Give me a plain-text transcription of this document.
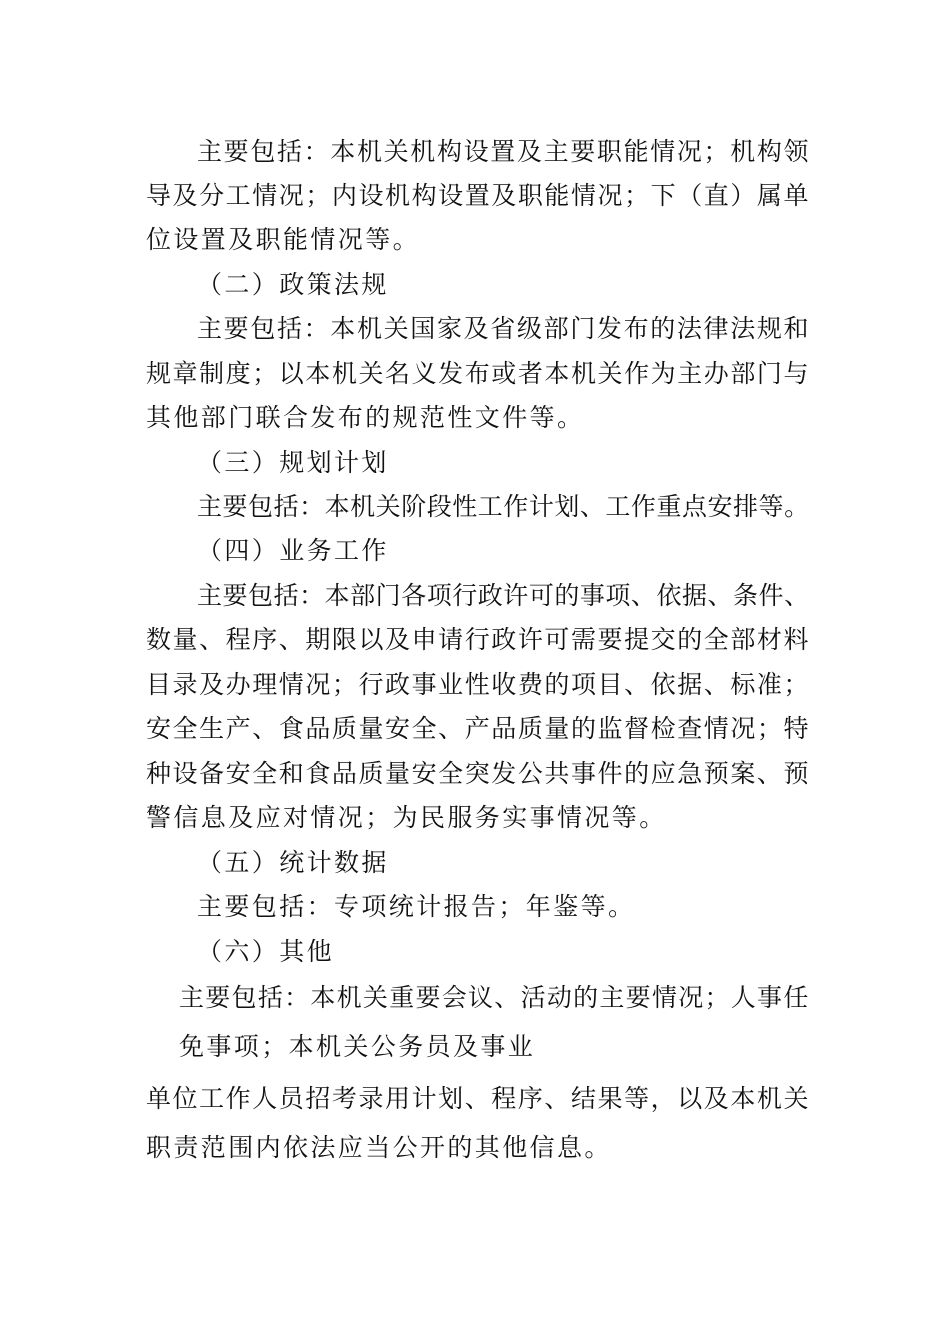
主要包括：本机关机构设置及主要职能情况；机构领
导及分工情况；内设机构设置及职能情况；下（直）属单
位设置及职能情况等。
（二）政策法规
主要包括：本机关国家及省级部门发布的法律法规和
规章制度；以本机关名义发布或者本机关作为主办部门与
其他部门联合发布的规范性文件等。
（三）规划计划
主要包括：本机关阶段性工作计划、工作重点安排等。
（四）业务工作
主要包括：本部门各项行政许可的事项、依据、条件、
数量、程序、期限以及申请行政许可需要提交的全部材料
目录及办理情况；行政事业性收费的项目、依据、标准；
安全生产、食品质量安全、产品质量的监督检查情况；特
种设备安全和食品质量安全突发公共事件的应急预案、预
警信息及应对情况；为民服务实事情况等。
（五）统计数据
主要包括：专项统计报告；年鉴等。
（六）其他
主要包括：本机关重要会议、活动的主要情况；人事任
免事项；本机关公务员及事业
单位工作人员招考录用计划、程序、结果等，以及本机关
职责范围内依法应当公开的其他信息。
